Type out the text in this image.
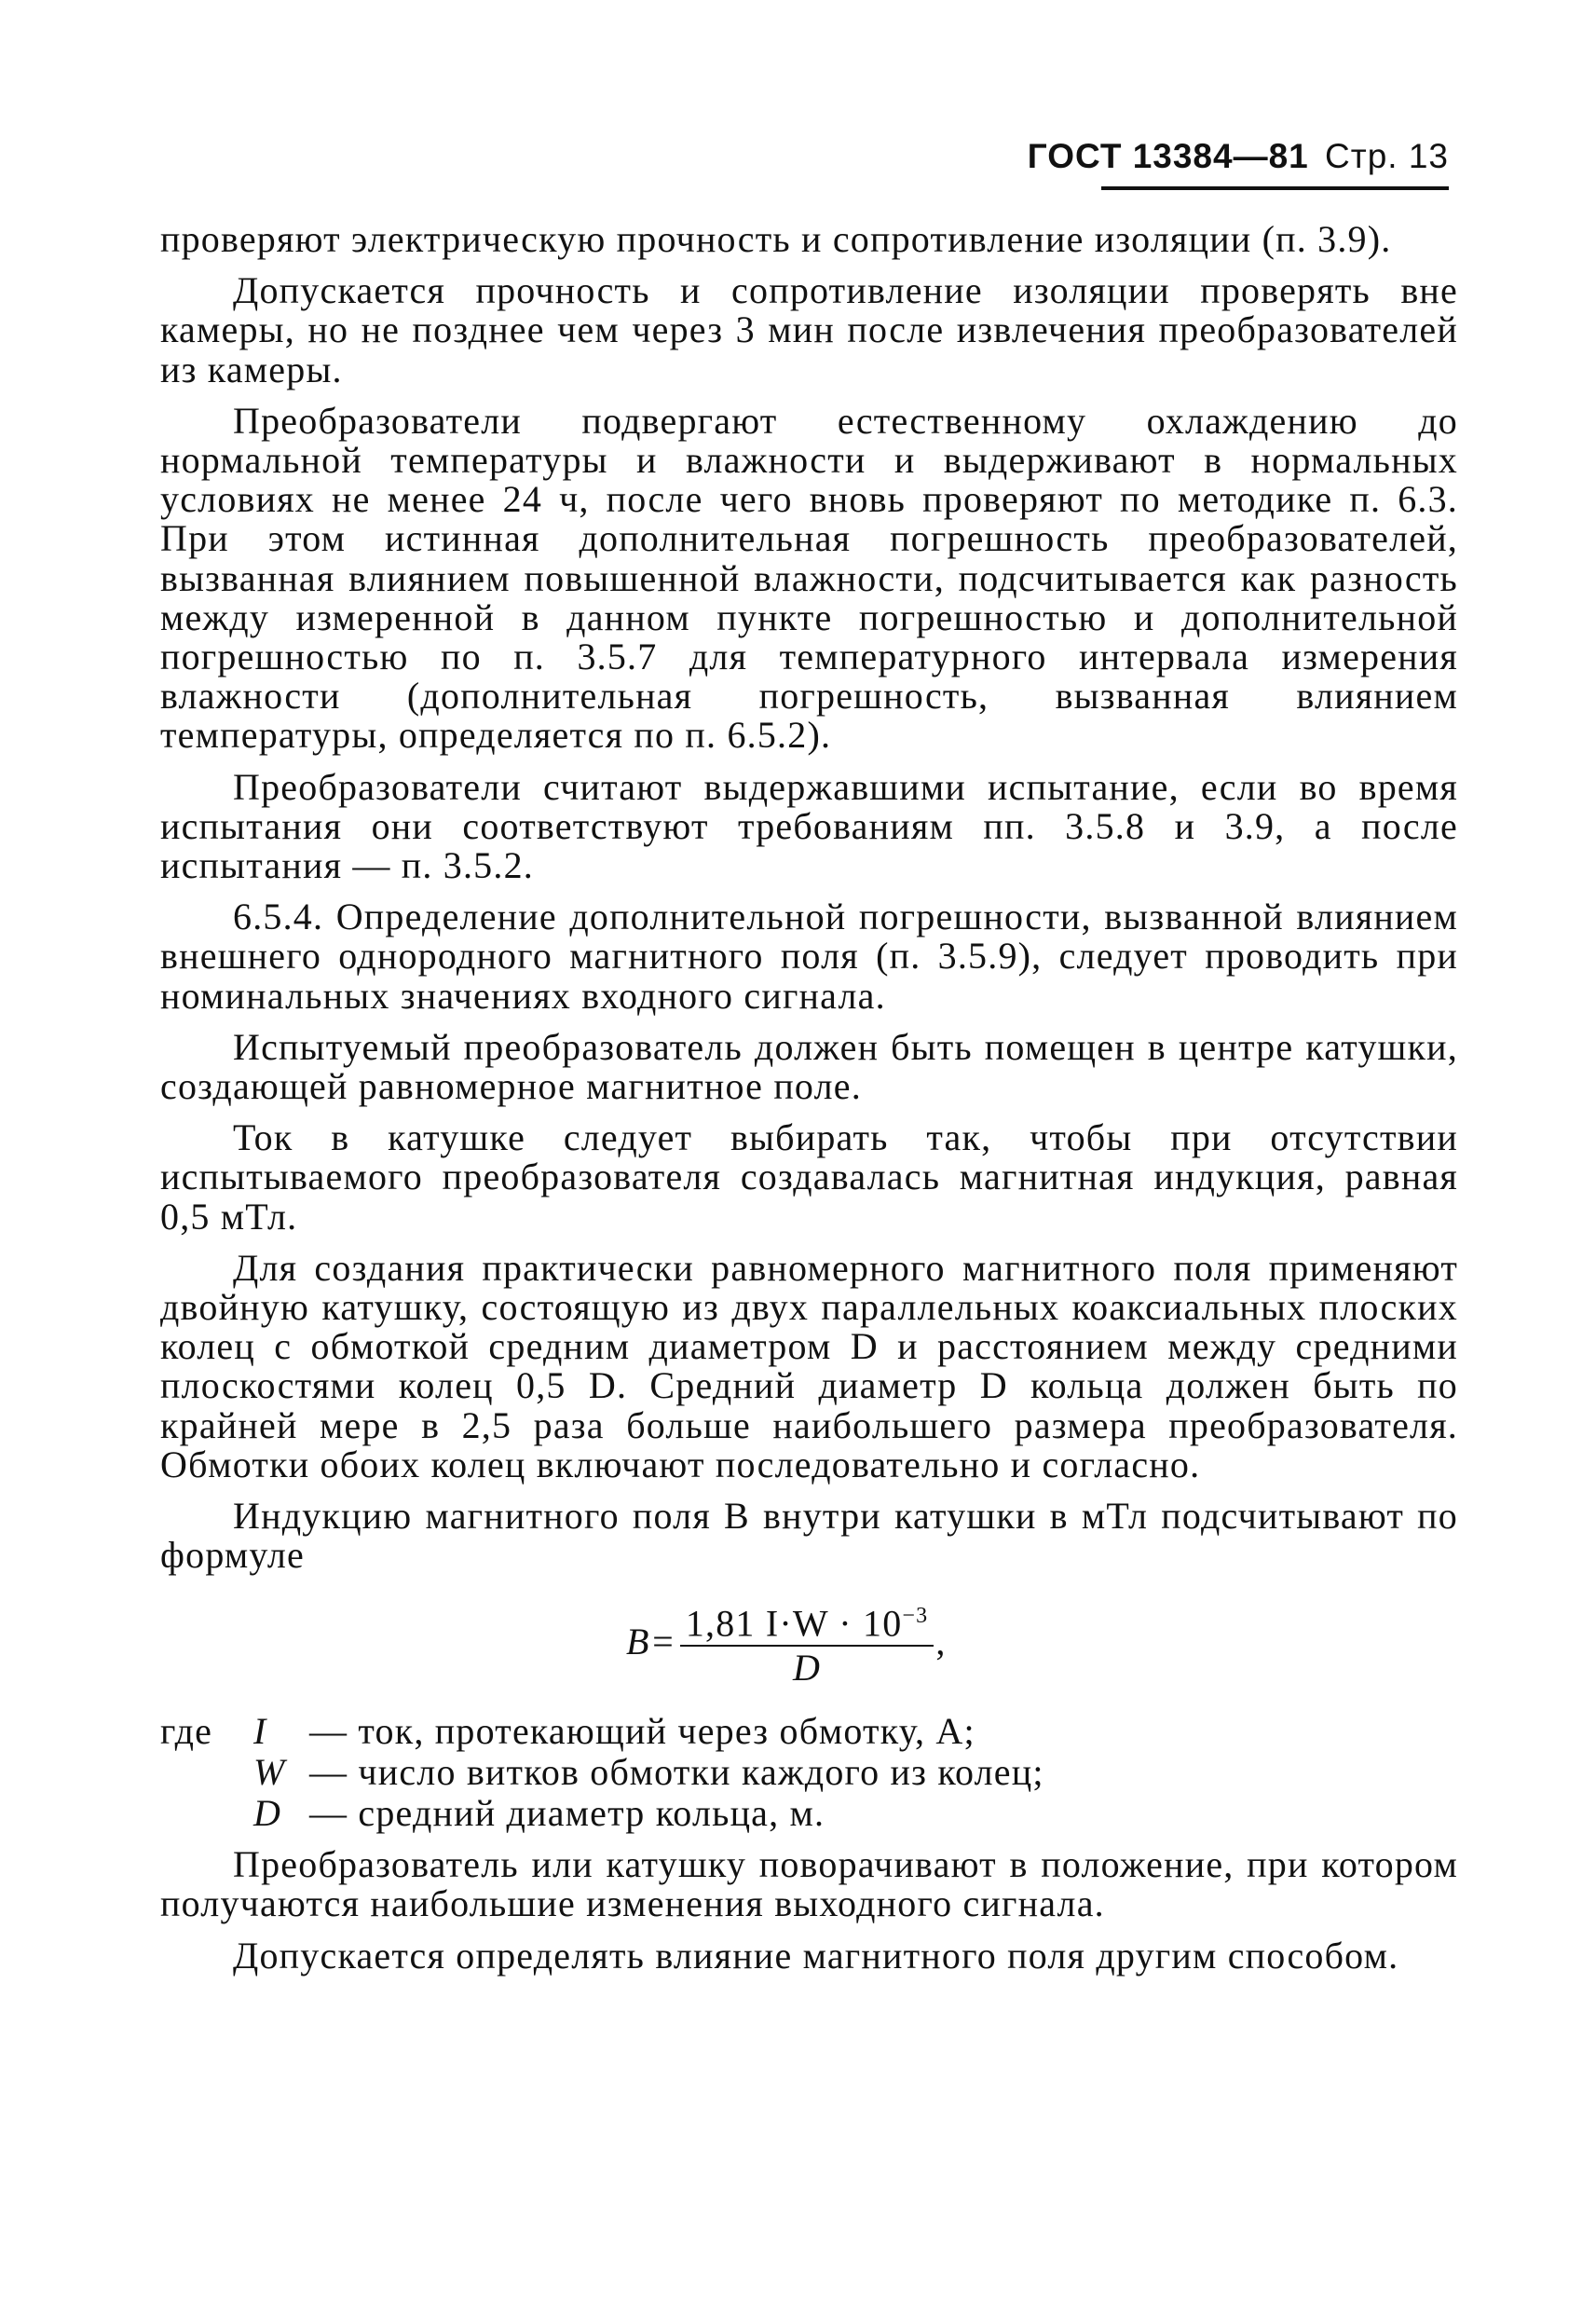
ГОСТ 13384—81 Стр. 13

проверяют электрическую прочность и сопротивление изоляции (п. 3.9).

Допускается прочность и сопротивление изоляции проверять вне камеры, но не позднее чем через 3 мин после извлечения преобразователей из камеры.

Преобразователи подвергают естественному охлаждению до нормальной температуры и влажности и выдерживают в нормальных условиях не менее 24 ч, после чего вновь проверяют по методике п. 6.3. При этом истинная дополнительная погрешность преобразователей, вызванная влиянием повышенной влажности, подсчитывается как разность между измеренной в данном пункте погрешностью и дополнительной погрешностью по п. 3.5.7 для температурного интервала измерения влажности (дополнительная погрешность, вызванная влиянием температуры, определяется по п. 6.5.2).

Преобразователи считают выдержавшими испытание, если во время испытания они соответствуют требованиям пп. 3.5.8 и 3.9, а после испытания — п. 3.5.2.

6.5.4. Определение дополнительной погрешности, вызванной влиянием внешнего однородного магнитного поля (п. 3.5.9), следует проводить при номинальных значениях входного сигнала.

Испытуемый преобразователь должен быть помещен в центре катушки, создающей равномерное магнитное поле.

Ток в катушке следует выбирать так, чтобы при отсутствии испытываемого преобразователя создавалась магнитная индукция, равная 0,5 мТл.

Для создания практически равномерного магнитного поля применяют двойную катушку, состоящую из двух параллельных коаксиальных плоских колец с обмоткой средним диаметром D и расстоянием между средними плоскостями колец 0,5 D. Средний диаметр D кольца должен быть по крайней мере в 2,5 раза больше наибольшего размера преобразователя. Обмотки обоих колец включают последовательно и согласно.

Индукцию магнитного поля B внутри катушки в мТл подсчитывают по формуле

$B= \frac{1,81 I\cdot W \cdot 10^{-3}}{D}$ ,
где	I	— ток, протекающий через обмотку, А;
W — число витков обмотки каждого из колец;
D — средний диаметр кольца, м.

Преобразователь или катушку поворачивают в положение, при котором получаются наибольшие изменения выходного сигнала.

Допускается определять влияние магнитного поля другим способом.
